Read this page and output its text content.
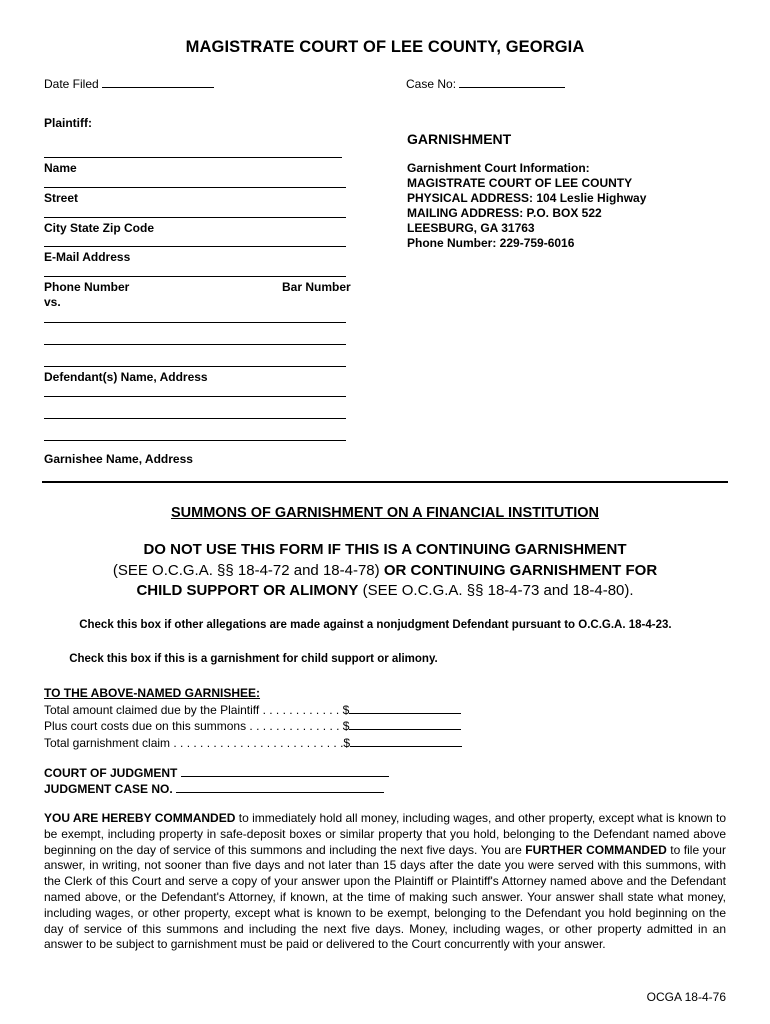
MAGISTRATE COURT OF LEE COUNTY, GEORGIA
Date Filed	Case No:
Plaintiff:
Name
Street
City State Zip Code
E-Mail Address
Phone Number	Bar Number
vs.
Defendant(s) Name, Address
Garnishee Name, Address
GARNISHMENT
Garnishment Court Information:
MAGISTRATE COURT OF LEE COUNTY
PHYSICAL ADDRESS: 104 Leslie Highway
MAILING ADDRESS: P.O. BOX 522
LEESBURG, GA 31763
Phone Number: 229-759-6016
SUMMONS OF GARNISHMENT ON A FINANCIAL INSTITUTION
DO NOT USE THIS FORM IF THIS IS A CONTINUING GARNISHMENT
(SEE O.C.G.A. §§ 18-4-72 and 18-4-78) OR CONTINUING GARNISHMENT FOR
CHILD SUPPORT OR ALIMONY (SEE O.C.G.A. §§ 18-4-73 and 18-4-80).
Check this box if other allegations are made against a nonjudgment Defendant pursuant to O.C.G.A. 18-4-23.
Check this box if this is a garnishment for child support or alimony.
TO THE ABOVE-NAMED GARNISHEE:
Total amount claimed due by the Plaintiff . . . . . . . . . . . . $
Plus court costs due on this summons . . . . . . . . . . . . . . $
Total garnishment claim . . . . . . . . . . . . . . . . . . . . . . . . . .$
COURT OF JUDGMENT
JUDGMENT CASE NO.
YOU ARE HEREBY COMMANDED to immediately hold all money, including wages, and other property, except what is known to be exempt, including property in safe-deposit boxes or similar property that you hold, belonging to the Defendant named above beginning on the day of service of this summons and including the next five days. You are FURTHER COMMANDED to file your answer, in writing, not sooner than five days and not later than 15 days after the date you were served with this summons, with the Clerk of this Court and serve a copy of your answer upon the Plaintiff or Plaintiff's Attorney named above and the Defendant named above, or the Defendant's Attorney, if known, at the time of making such answer. Your answer shall state what money, including wages, or other property, except what is known to be exempt, belonging to the Defendant you hold beginning on the day of service of this summons and including the next five days. Money, including wages, or other property admitted in an answer to be subject to garnishment must be paid or delivered to the Court concurrently with your answer.
OCGA 18-4-76
